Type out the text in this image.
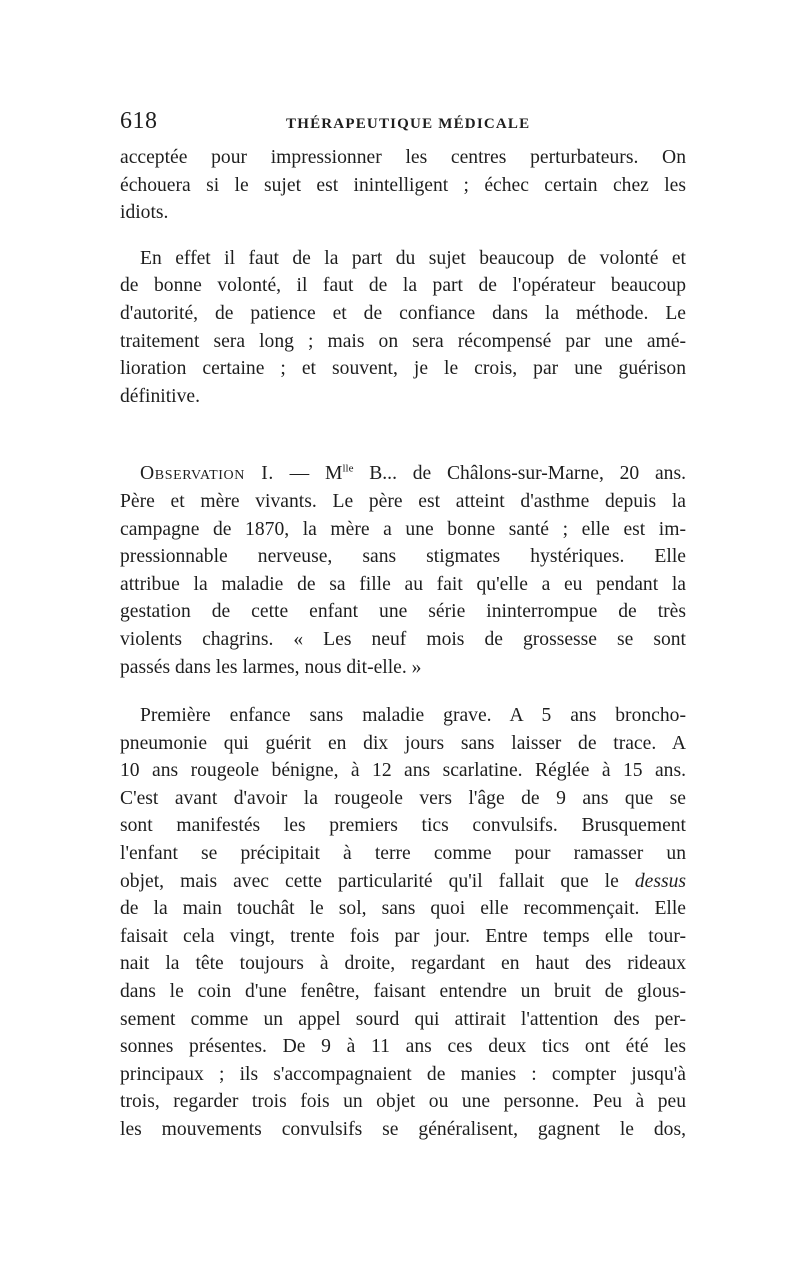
618	THÉRAPEUTIQUE MÉDICALE

acceptée pour impressionner les centres perturbateurs. On
échouera si le sujet est inintelligent ; échec certain chez les
idiots.

En effet il faut de la part du sujet beaucoup de volonté et
de bonne volonté, il faut de la part de l'opérateur beaucoup
d'autorité, de patience et de confiance dans la méthode. Le
traitement sera long ; mais on sera récompensé par une amé-
lioration certaine ; et souvent, je le crois, par une guérison
définitive.

Observation I. — $M^{lle}$ B... de Châlons-sur-Marne, 20 ans.
Père et mère vivants. Le père est atteint d'asthme depuis la
campagne de 1870, la mère a une bonne santé ; elle est im-
pressionnable nerveuse, sans stigmates hystériques. Elle
attribue la maladie de sa fille au fait qu'elle a eu pendant la
gestation de cette enfant une série ininterrompue de très
violents chagrins. « Les neuf mois de grossesse se sont
passés dans les larmes, nous dit-elle. »

Première enfance sans maladie grave. A 5 ans broncho-
pneumonie qui guérit en dix jours sans laisser de trace. A
10 ans rougeole bénigne, à 12 ans scarlatine. Réglée à 15 ans.
C'est avant d'avoir la rougeole vers l'âge de 9 ans que se
sont manifestés les premiers tics convulsifs. Brusquement
l'enfant se précipitait à terre comme pour ramasser un
objet, mais avec cette particularité qu'il fallait que le dessus
de la main touchât le sol, sans quoi elle recommençait. Elle
faisait cela vingt, trente fois par jour. Entre temps elle tour-
nait la tête toujours à droite, regardant en haut des rideaux
dans le coin d'une fenêtre, faisant entendre un bruit de glous-
sement comme un appel sourd qui attirait l'attention des per-
sonnes présentes. De 9 à 11 ans ces deux tics ont été les
principaux ; ils s'accompagnaient de manies : compter jusqu'à
trois, regarder trois fois un objet ou une personne. Peu à peu
les mouvements convulsifs se généralisent, gagnent le dos,
